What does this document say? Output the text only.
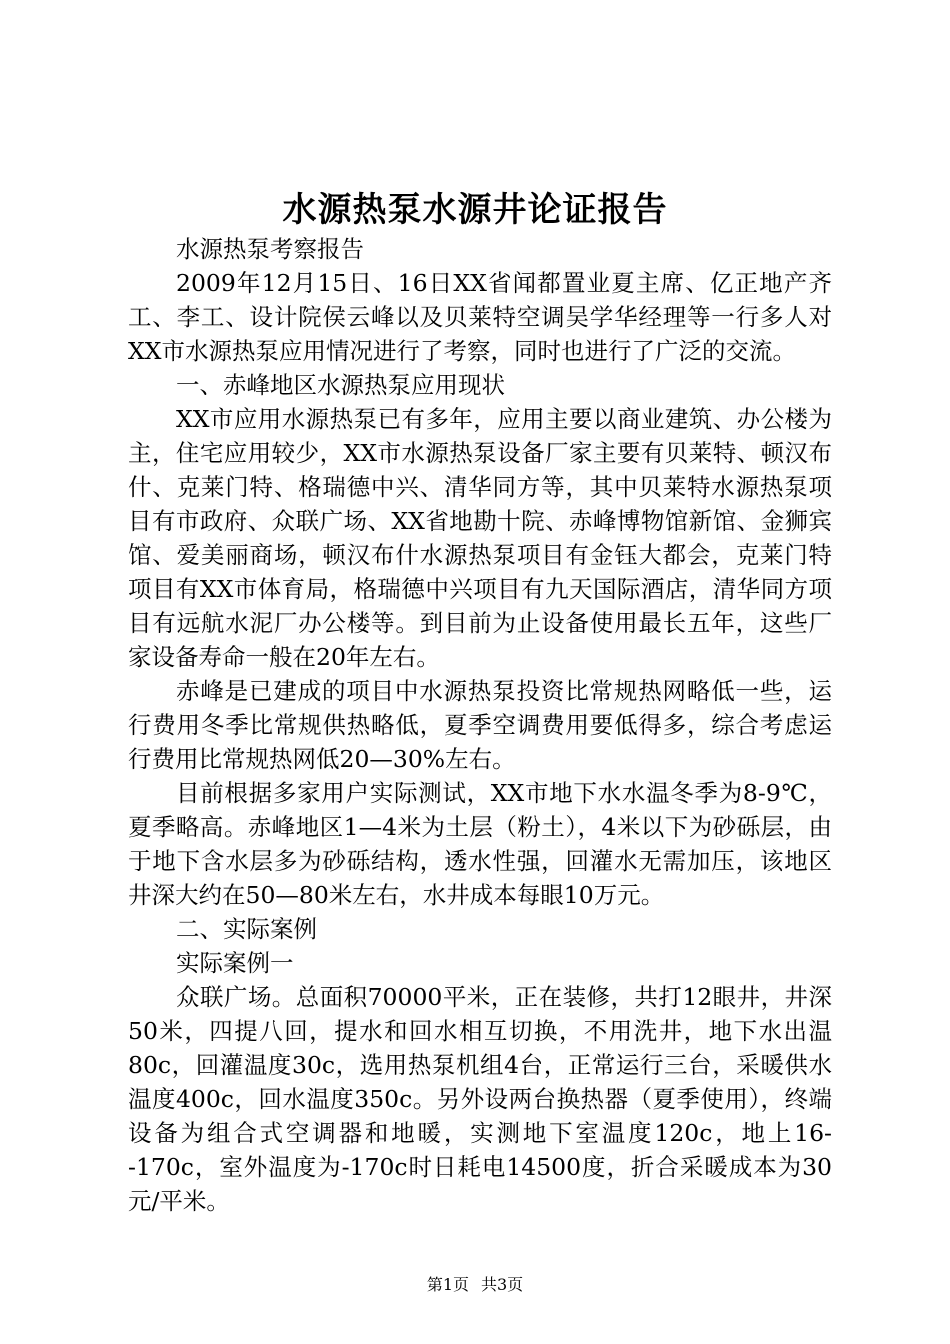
水源热泵水源井论证报告

水源热泵考察报告

2009年12月15日、16日XX省闻都置业夏主席、亿正地产齐工、李工、设计院侯云峰以及贝莱特空调吴学华经理等一行多人对XX市水源热泵应用情况进行了考察，同时也进行了广泛的交流。

一、赤峰地区水源热泵应用现状

XX市应用水源热泵已有多年，应用主要以商业建筑、办公楼为主，住宅应用较少，XX市水源热泵设备厂家主要有贝莱特、顿汉布什、克莱门特、格瑞德中兴、清华同方等，其中贝莱特水源热泵项目有市政府、众联广场、XX省地勘十院、赤峰博物馆新馆、金狮宾馆、爱美丽商场，顿汉布什水源热泵项目有金钰大都会，克莱门特项目有XX市体育局，格瑞德中兴项目有九天国际酒店，清华同方项目有远航水泥厂办公楼等。到目前为止设备使用最长五年，这些厂家设备寿命一般在20年左右。

赤峰是已建成的项目中水源热泵投资比常规热网略低一些，运行费用冬季比常规供热略低，夏季空调费用要低得多，综合考虑运行费用比常规热网低20—30%左右。

目前根据多家用户实际测试，XX市地下水水温冬季为8-9℃，夏季略高。赤峰地区1—4米为土层（粉土），4米以下为砂砾层，由于地下含水层多为砂砾结构，透水性强，回灌水无需加压，该地区井深大约在50—80米左右，水井成本每眼10万元。

二、实际案例

实际案例一

众联广场。总面积70000平米，正在装修，共打12眼井，井深50米，四提八回，提水和回水相互切换，不用洗井，地下水出温80c，回灌温度30c，选用热泵机组4台，正常运行三台，采暖供水温度400c，回水温度350c。另外设两台换热器（夏季使用），终端设备为组合式空调器和地暖，实测地下室温度120c，地上16--170c，室外温度为-170c时日耗电14500度，折合采暖成本为30元/平米。

第1页 共3页
